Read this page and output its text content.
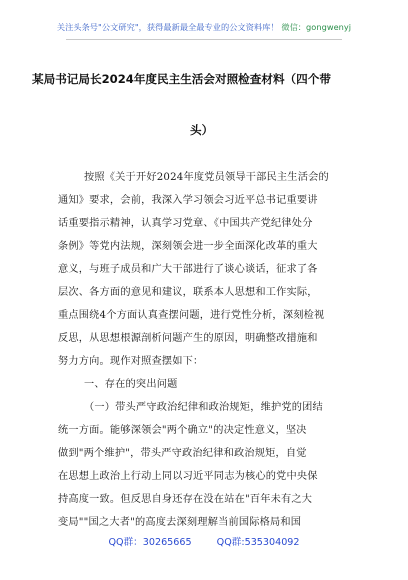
关注头条号"公文研究"，获得最新最全最专业的公文资料库！ 微信：gongwenyj
某局书记局长2024年度民主生活会对照检查材料（四个带
头）
按照《关于开好2024年度党员领导干部民主生活会的
通知》要求，会前，我深入学习领会习近平总书记重要讲
话重要指示精神，认真学习党章、《中国共产党纪律处分
条例》等党内法规，深刻领会进一步全面深化改革的重大
意义，与班子成员和广大干部进行了谈心谈话，征求了各
层次、各方面的意见和建议，联系本人思想和工作实际，
重点围绕4个方面认真查摆问题，进行党性分析，深刻检视
反思，从思想根源剖析问题产生的原因，明确整改措施和
努力方向。现作对照查摆如下：
一、存在的突出问题
（一）带头严守政治纪律和政治规矩，维护党的团结
统一方面。能够深领会"两个确立"的决定性意义，坚决
做到"两个维护"，带头严守政治纪律和政治规矩，自觉
在思想上政治上行动上同以习近平同志为核心的党中央保
持高度一致。但反思自身还存在没在站在"百年未有之大
变局""国之大者"的高度去深刻理解当前国际格局和国
QQ群：30265665	QQ群:535304092
